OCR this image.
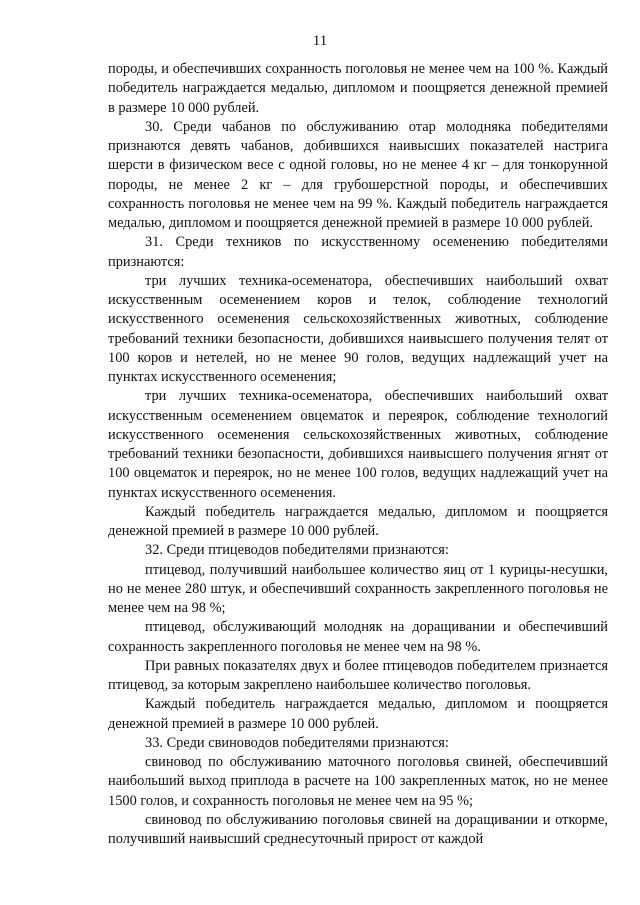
11

породы, и обеспечивших сохранность поголовья не менее чем на 100 %. Каждый победитель награждается медалью, дипломом и поощряется денежной премией в размере 10 000 рублей.

30. Среди чабанов по обслуживанию отар молодняка победителями признаются девять чабанов, добившихся наивысших показателей настрига шерсти в физическом весе с одной головы, но не менее 4 кг – для тонкорунной породы, не менее 2 кг – для грубошерстной породы, и обеспечивших сохранность поголовья не менее чем на 99 %. Каждый победитель награждается медалью, дипломом и поощряется денежной премией в размере 10 000 рублей.

31. Среди техников по искусственному осеменению победителями признаются:

три лучших техника-осеменатора, обеспечивших наибольший охват искусственным осеменением коров и телок, соблюдение технологий искусственного осеменения сельскохозяйственных животных, соблюдение требований техники безопасности, добившихся наивысшего получения телят от 100 коров и нетелей, но не менее 90 голов, ведущих надлежащий учет на пунктах искусственного осеменения;

три лучших техника-осеменатора, обеспечивших наибольший охват искусственным осеменением овцематок и переярок, соблюдение технологий искусственного осеменения сельскохозяйственных животных, соблюдение требований техники безопасности, добившихся наивысшего получения ягнят от 100 овцематок и переярок, но не менее 100 голов, ведущих надлежащий учет на пунктах искусственного осеменения.

Каждый победитель награждается медалью, дипломом и поощряется денежной премией в размере 10 000 рублей.

32. Среди птицеводов победителями признаются:

птицевод, получивший наибольшее количество яиц от 1 курицы-несушки, но не менее 280 штук, и обеспечивший сохранность закрепленного поголовья не менее чем на 98 %;

птицевод, обслуживающий молодняк на доращивании и обеспечивший сохранность закрепленного поголовья не менее чем на 98 %.

При равных показателях двух и более птицеводов победителем признается птицевод, за которым закреплено наибольшее количество поголовья.

Каждый победитель награждается медалью, дипломом и поощряется денежной премией в размере 10 000 рублей.

33. Среди свиноводов победителями признаются:

свиновод по обслуживанию маточного поголовья свиней, обеспечивший наибольший выход приплода в расчете на 100 закрепленных маток, но не менее 1500 голов, и сохранность поголовья не менее чем на 95 %;

свиновод по обслуживанию поголовья свиней на доращивании и откорме, получивший наивысший среднесуточный прирост от каждой
